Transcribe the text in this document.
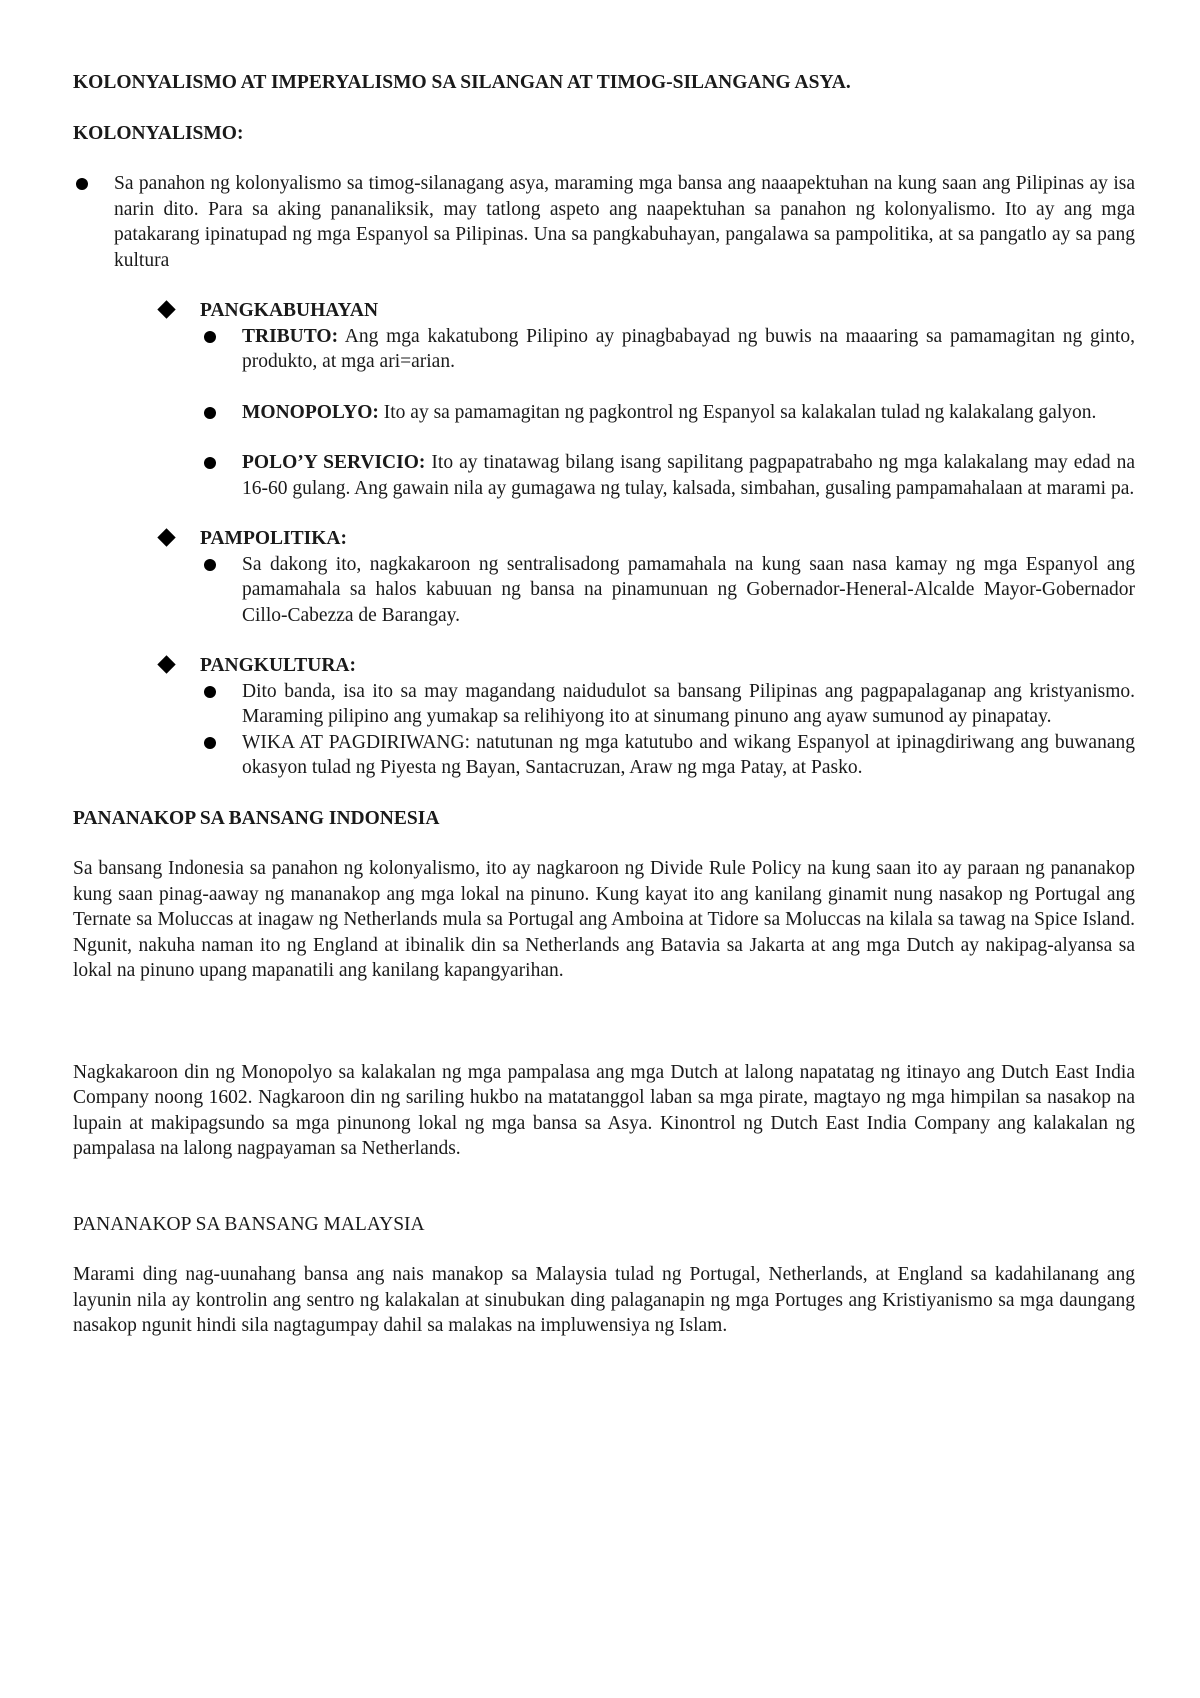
KOLONYALISMO AT IMPERYALISMO SA SILANGAN AT TIMOG-SILANGANG ASYA.
KOLONYALISMO:
Sa panahon ng kolonyalismo sa timog-silanagang asya, maraming mga bansa ang naaapektuhan na kung saan ang Pilipinas ay isa narin dito. Para sa aking pananaliksik, may tatlong aspeto ang naapektuhan sa panahon ng kolonyalismo. Ito ay ang mga patakarang ipinatupad ng mga Espanyol sa Pilipinas. Una sa pangkabuhayan, pangalawa sa pampolitika, at sa pangatlo ay sa pang kultura
PANGKABUHAYAN
TRIBUTO: Ang mga kakatubong Pilipino ay pinagbabayad ng buwis na maaaring sa pamamagitan ng ginto, produkto, at mga ari=arian.
MONOPOLYO: Ito ay sa pamamagitan ng pagkontrol ng Espanyol sa kalakalan tulad ng kalakalang galyon.
POLO’Y SERVICIO: Ito ay tinatawag bilang isang sapilitang pagpapatrabaho ng mga kalakalang may edad na 16-60 gulang. Ang gawain nila ay gumagawa ng tulay, kalsada, simbahan, gusaling pampamahalaan at marami pa.
PAMPOLITIKA:
Sa dakong ito, nagkakaroon ng sentralisadong pamamahala na kung saan nasa kamay ng mga Espanyol ang pamamahala sa halos kabuuan ng bansa na pinamunuan ng Gobernador-Heneral-Alcalde Mayor-Gobernador Cillo-Cabezza de Barangay.
PANGKULTURA:
Dito banda, isa ito sa may magandang naidudulot sa bansang Pilipinas ang pagpapalaganap ang kristyanismo. Maraming pilipino ang yumakap sa relihiyong ito at sinumang pinuno ang ayaw sumunod ay pinapatay.
WIKA AT PAGDIRIWANG: natutunan ng mga katutubo and wikang Espanyol at ipinagdiriwang ang buwanang okasyon tulad ng Piyesta ng Bayan, Santacruzan, Araw ng mga Patay, at Pasko.
PANANAKOP SA BANSANG INDONESIA

Sa bansang Indonesia sa panahon ng kolonyalismo, ito ay nagkaroon ng Divide Rule Policy na kung saan ito ay paraan ng pananakop kung saan pinag-aaway ng mananakop ang mga lokal na pinuno. Kung kayat ito ang kanilang ginamit nung nasakop ng Portugal ang Ternate sa Moluccas at inagaw ng Netherlands mula sa Portugal ang Amboina at Tidore sa Moluccas na kilala sa tawag na Spice Island. Ngunit, nakuha naman ito ng England at ibinalik din sa Netherlands ang Batavia sa Jakarta at ang mga Dutch ay nakipag-alyansa sa lokal na pinuno upang mapanatili ang kanilang kapangyarihan.

Nagkakaroon din ng Monopolyo sa kalakalan ng mga pampalasa ang mga Dutch at lalong napatatag ng itinayo ang Dutch East India Company noong 1602. Nagkaroon din ng sariling hukbo na matatanggol laban sa mga pirate, magtayo ng mga himpilan sa nasakop na lupain at makipagsundo sa mga pinunong lokal ng mga bansa sa Asya. Kinontrol ng Dutch East India Company ang kalakalan ng pampalasa na lalong nagpayaman sa Netherlands.

PANANAKOP SA BANSANG MALAYSIA

Marami ding nag-uunahang bansa ang nais manakop sa Malaysia tulad ng Portugal, Netherlands, at England sa kadahilanang ang layunin nila ay kontrolin ang sentro ng kalakalan at sinubukan ding palaganapin ng mga Portuges ang Kristiyanismo sa mga daungang nasakop ngunit hindi sila nagtagumpay dahil sa malakas na impluwensiya ng Islam.
